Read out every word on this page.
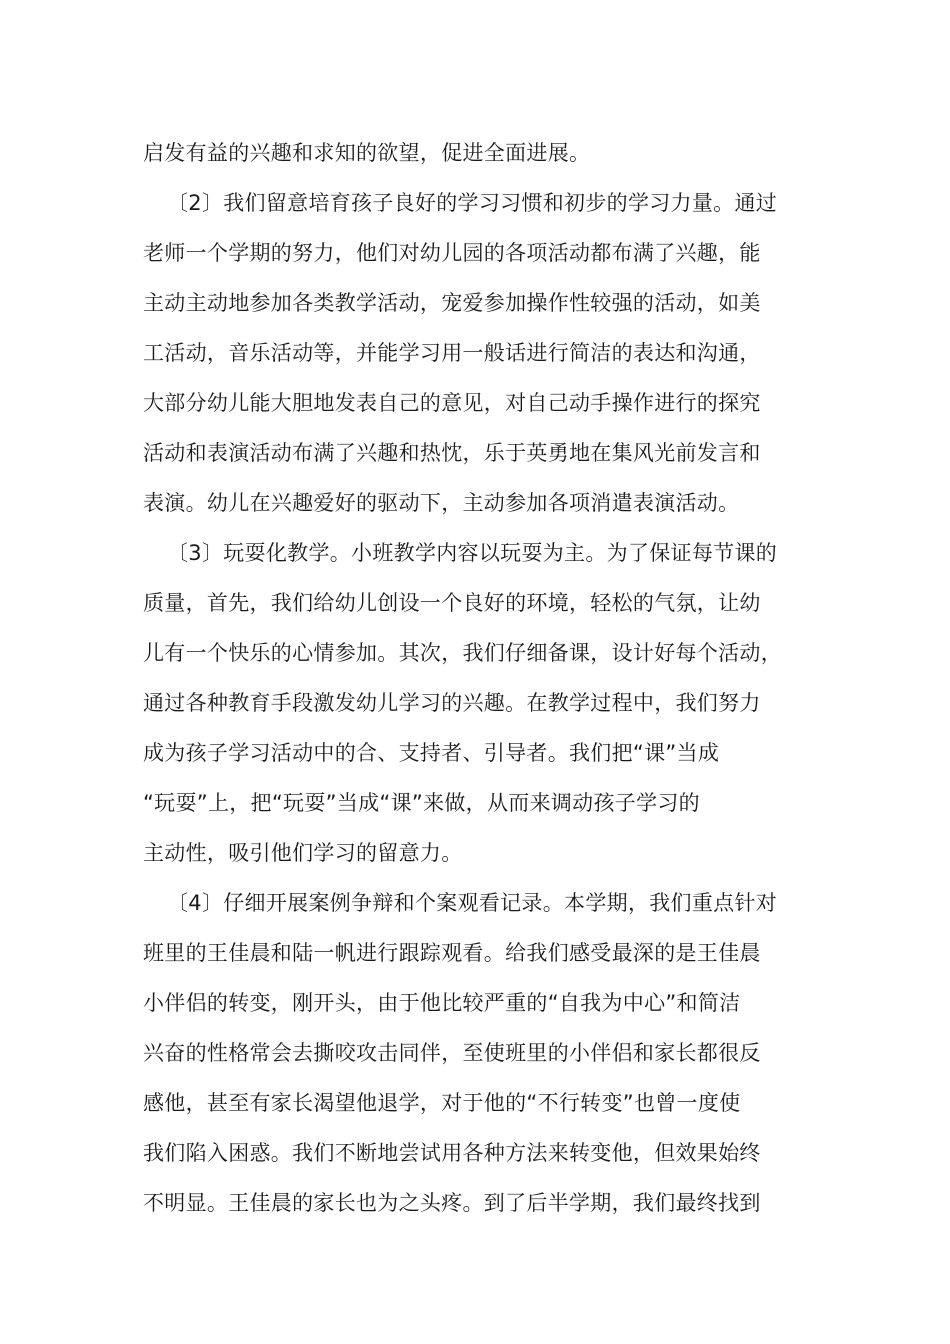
启发有益的兴趣和求知的欲望，促进全面进展。
〔2〕我们留意培育孩子良好的学习习惯和初步的学习力量。通过
老师一个学期的努力，他们对幼儿园的各项活动都布满了兴趣，能
主动主动地参加各类教学活动，宠爱参加操作性较强的活动，如美
工活动，音乐活动等，并能学习用一般话进行简洁的表达和沟通，
大部分幼儿能大胆地发表自己的意见，对自己动手操作进行的探究
活动和表演活动布满了兴趣和热忱，乐于英勇地在集风光前发言和
表演。幼儿在兴趣爱好的驱动下，主动参加各项消遣表演活动。
〔3〕玩耍化教学。小班教学内容以玩耍为主。为了保证每节课的
质量，首先，我们给幼儿创设一个良好的环境，轻松的气氛，让幼
儿有一个快乐的心情参加。其次，我们仔细备课，设计好每个活动，
通过各种教育手段激发幼儿学习的兴趣。在教学过程中，我们努力
成为孩子学习活动中的合、支持者、引导者。我们把“课”当成
“玩耍”上，把“玩耍”当成“课”来做，从而来调动孩子学习的
主动性，吸引他们学习的留意力。
〔4〕仔细开展案例争辩和个案观看记录。本学期，我们重点针对
班里的王佳晨和陆一帆进行跟踪观看。给我们感受最深的是王佳晨
小伴侣的转变，刚开头，由于他比较严重的“自我为中心”和简洁
兴奋的性格常会去撕咬攻击同伴，至使班里的小伴侣和家长都很反
感他，甚至有家长渴望他退学，对于他的“不行转变”也曾一度使
我们陷入困惑。我们不断地尝试用各种方法来转变他，但效果始终
不明显。王佳晨的家长也为之头疼。到了后半学期，我们最终找到
